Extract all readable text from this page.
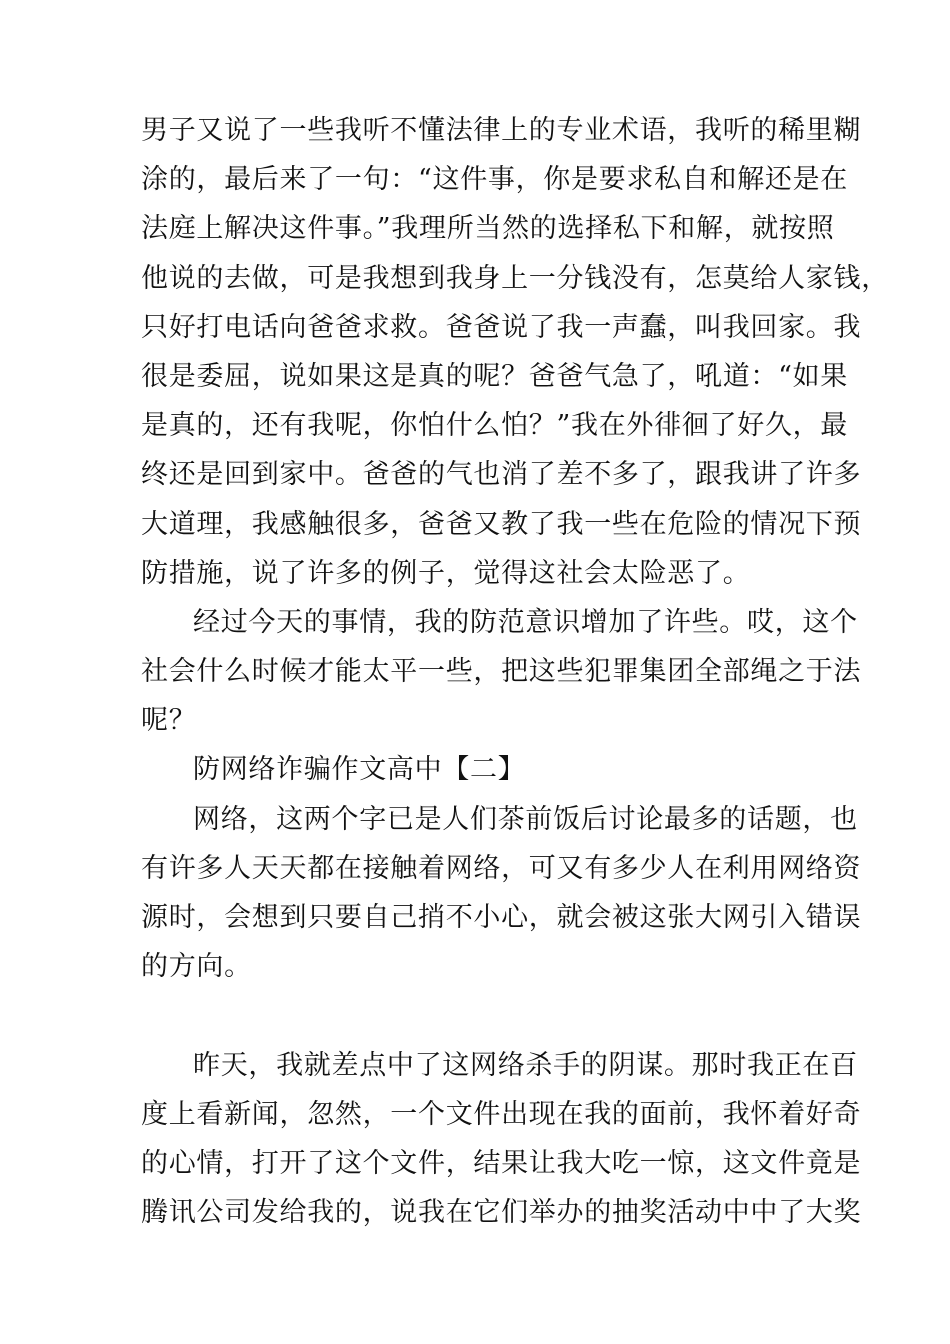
男子又说了一些我听不懂法律上的专业术语，我听的稀里糊
涂的，最后来了一句：“这件事，你是要求私自和解还是在
法庭上解决这件事。”我理所当然的选择私下和解，就按照
他说的去做，可是我想到我身上一分钱没有，怎莫给人家钱，
只好打电话向爸爸求救。爸爸说了我一声蠢，叫我回家。我
很是委屈，说如果这是真的呢？爸爸气急了，吼道：“如果
是真的，还有我呢，你怕什么怕？”我在外徘徊了好久，最
终还是回到家中。爸爸的气也消了差不多了，跟我讲了许多
大道理，我感触很多，爸爸又教了我一些在危险的情况下预
防措施，说了许多的例子，觉得这社会太险恶了。
经过今天的事情，我的防范意识增加了许些。哎，这个
社会什么时候才能太平一些，把这些犯罪集团全部绳之于法
呢？
防网络诈骗作文高中【二】
网络，这两个字已是人们茶前饭后讨论最多的话题，也
有许多人天天都在接触着网络，可又有多少人在利用网络资
源时，会想到只要自己捎不小心，就会被这张大网引入错误
的方向。
昨天，我就差点中了这网络杀手的阴谋。那时我正在百
度上看新闻，忽然，一个文件出现在我的面前，我怀着好奇
的心情，打开了这个文件，结果让我大吃一惊，这文件竟是
腾讯公司发给我的，说我在它们举办的抽奖活动中中了大奖
